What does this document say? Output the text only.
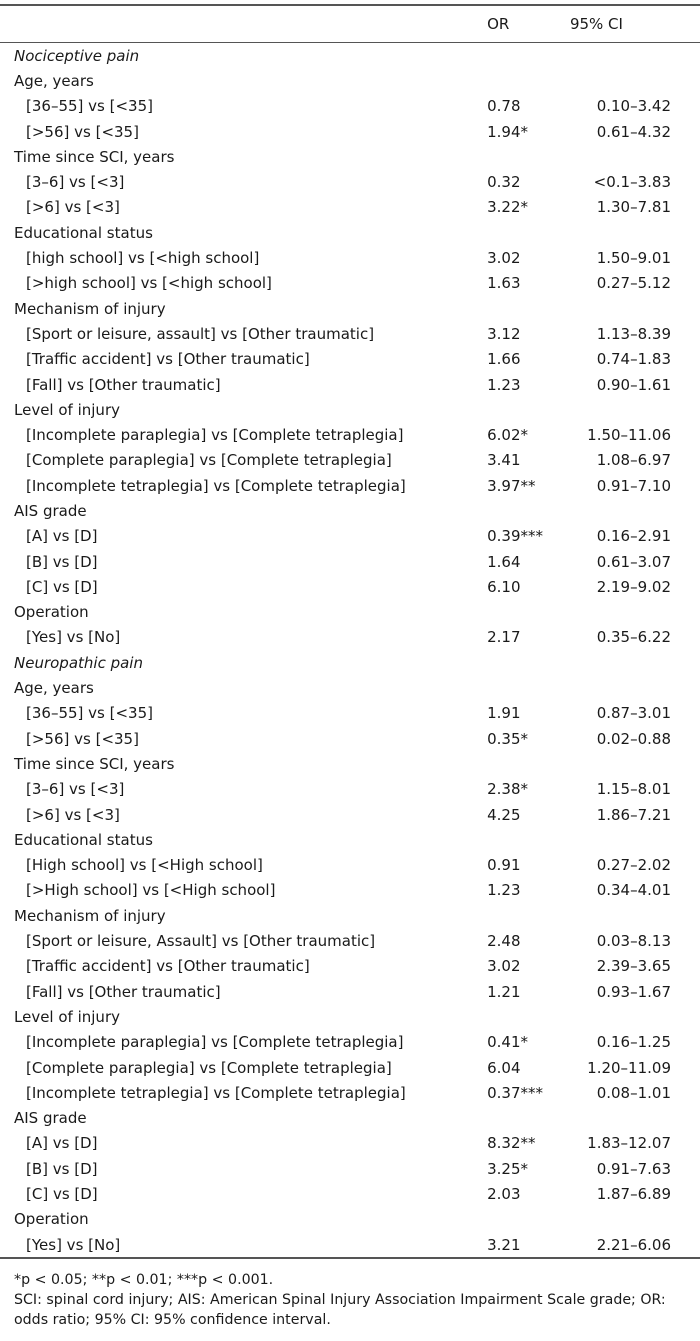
	OR	95% CI
Nociceptive pain		
Age, years		
[36–55] vs [<35]	0.78	0.10–3.42
[>56] vs [<35]	1.94*	0.61–4.32
Time since SCI, years		
[3–6] vs [<3]	0.32	<0.1–3.83
[>6] vs [<3]	3.22*	1.30–7.81
Educational status		
[high school] vs [<high school]	3.02	1.50–9.01
[>high school] vs [<high school]	1.63	0.27–5.12
Mechanism of injury		
[Sport or leisure, assault] vs [Other traumatic]	3.12	1.13–8.39
[Traffic accident] vs [Other traumatic]	1.66	0.74–1.83
[Fall] vs [Other traumatic]	1.23	0.90–1.61
Level of injury		
[Incomplete paraplegia] vs [Complete tetraplegia]	6.02*	1.50–11.06
[Complete paraplegia] vs [Complete tetraplegia]	3.41	1.08–6.97
[Incomplete tetraplegia] vs [Complete tetraplegia]	3.97**	0.91–7.10
AIS grade		
[A] vs [D]	0.39***	0.16–2.91
[B] vs [D]	1.64	0.61–3.07
[C] vs [D]	6.10	2.19–9.02
Operation		
[Yes] vs [No]	2.17	0.35–6.22
Neuropathic pain		
Age, years		
[36–55] vs [<35]	1.91	0.87–3.01
[>56] vs [<35]	0.35*	0.02–0.88
Time since SCI, years		
[3–6] vs [<3]	2.38*	1.15–8.01
[>6] vs [<3]	4.25	1.86–7.21
Educational status		
[High school] vs [<High school]	0.91	0.27–2.02
[>High school] vs [<High school]	1.23	0.34–4.01
Mechanism of injury		
[Sport or leisure, Assault] vs [Other traumatic]	2.48	0.03–8.13
[Traffic accident] vs [Other traumatic]	3.02	2.39–3.65
[Fall] vs [Other traumatic]	1.21	0.93–1.67
Level of injury		
[Incomplete paraplegia] vs [Complete tetraplegia]	0.41*	0.16–1.25
[Complete paraplegia] vs [Complete tetraplegia]	6.04	1.20–11.09
[Incomplete tetraplegia] vs [Complete tetraplegia]	0.37***	0.08–1.01
AIS grade		
[A] vs [D]	8.32**	1.83–12.07
[B] vs [D]	3.25*	0.91–7.63
[C] vs [D]	2.03	1.87–6.89
Operation		
[Yes] vs [No]	3.21	2.21–6.06

*p < 0.05; **p < 0.01; ***p < 0.001.

SCI: spinal cord injury; AIS: American Spinal Injury Association Impairment Scale grade; OR: odds ratio; 95% CI: 95% confidence interval.
